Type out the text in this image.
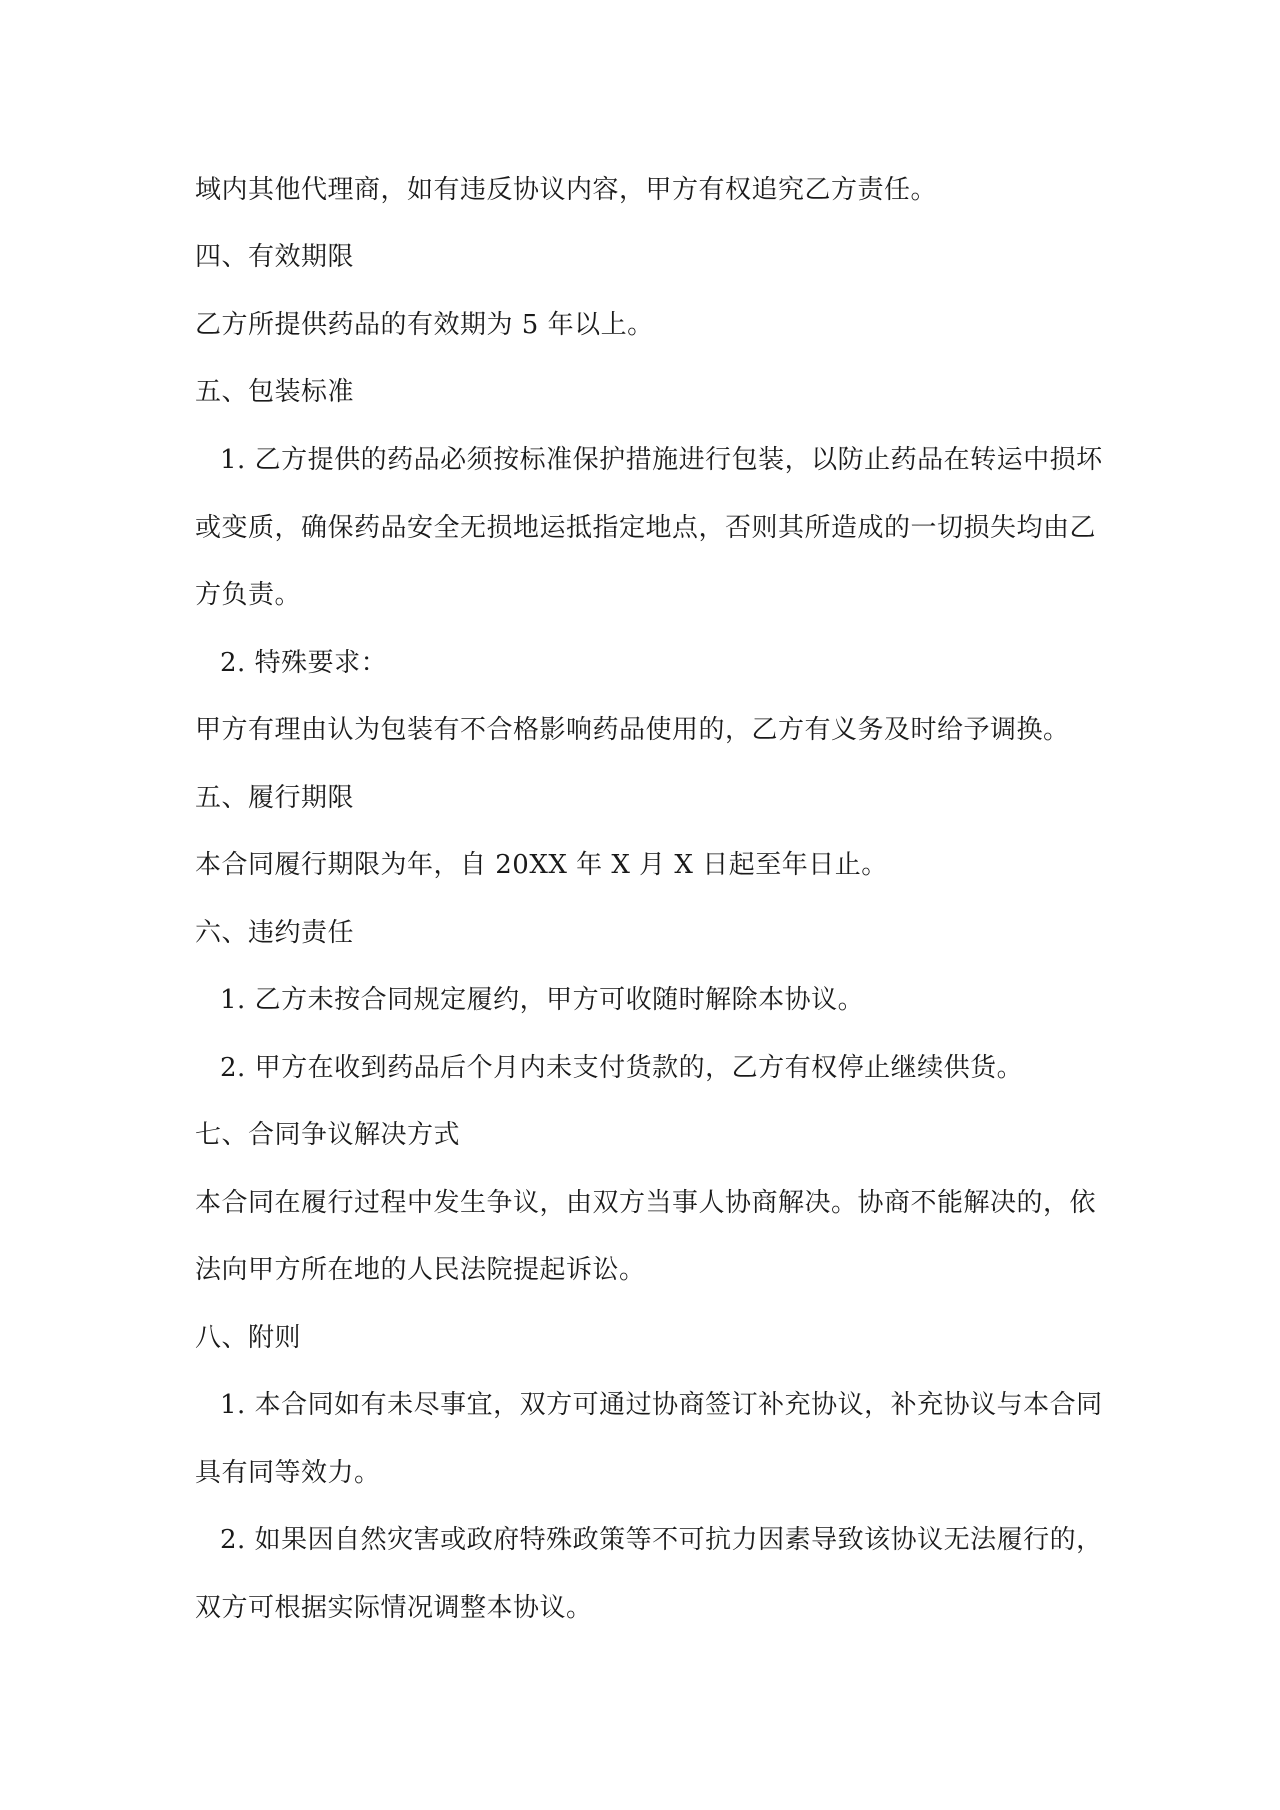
域内其他代理商，如有违反协议内容，甲方有权追究乙方责任。
四、有效期限
乙方所提供药品的有效期为 5 年以上。
五、包装标准
1. 乙方提供的药品必须按标准保护措施进行包装，以防止药品在转运中损坏
或变质，确保药品安全无损地运抵指定地点，否则其所造成的一切损失均由乙
方负责。
2. 特殊要求：
甲方有理由认为包装有不合格影响药品使用的，乙方有义务及时给予调换。
五、履行期限
本合同履行期限为年，自 20XX 年 X 月 X 日起至年日止。
六、违约责任
1. 乙方未按合同规定履约，甲方可收随时解除本协议。
2. 甲方在收到药品后个月内未支付货款的，乙方有权停止继续供货。
七、合同争议解决方式
本合同在履行过程中发生争议，由双方当事人协商解决。协商不能解决的，依
法向甲方所在地的人民法院提起诉讼。
八、附则
1. 本合同如有未尽事宜，双方可通过协商签订补充协议，补充协议与本合同
具有同等效力。
2. 如果因自然灾害或政府特殊政策等不可抗力因素导致该协议无法履行的，
双方可根据实际情况调整本协议。
